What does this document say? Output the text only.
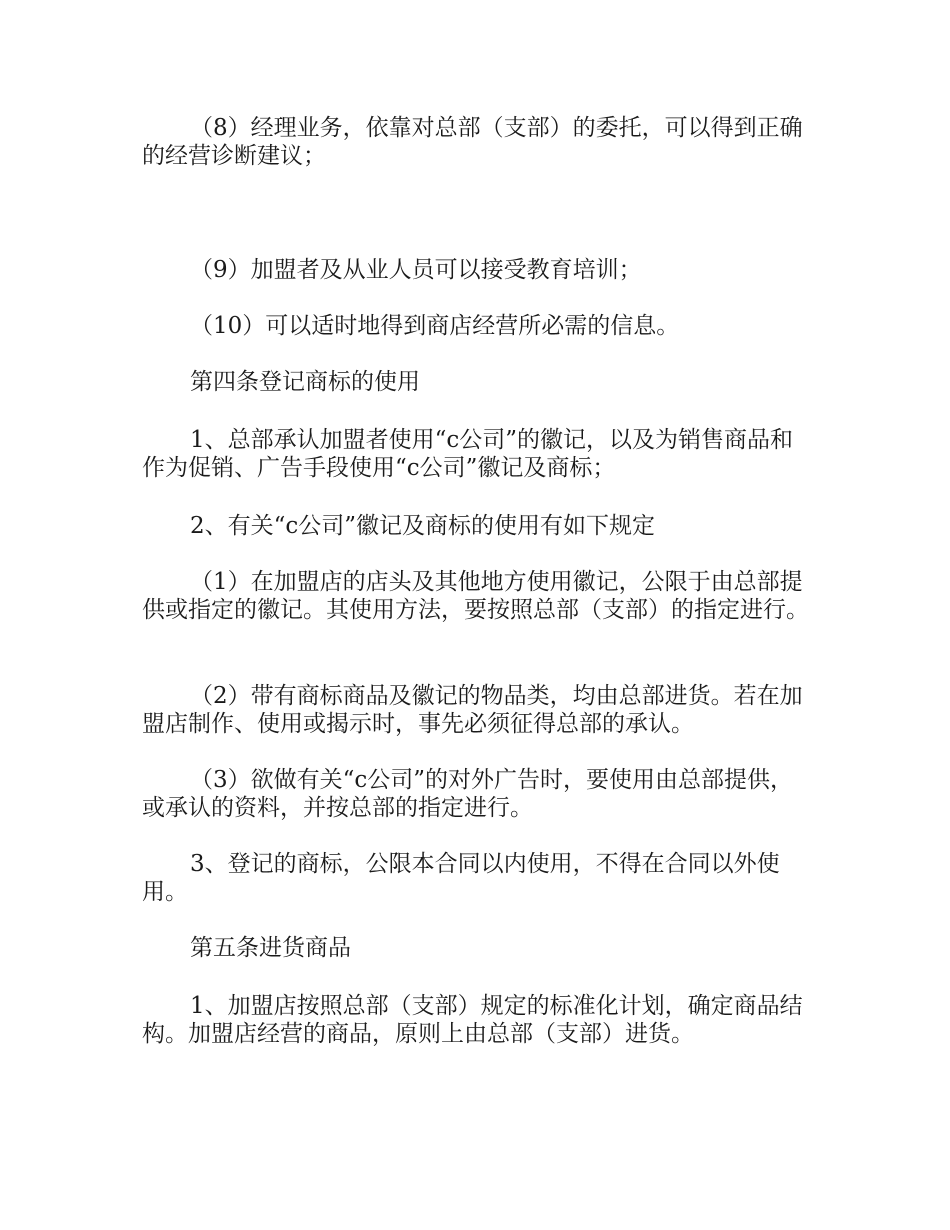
（8）经理业务，依靠对总部（支部）的委托，可以得到正确的经营诊断建议；

（9）加盟者及从业人员可以接受教育培训；

（10）可以适时地得到商店经营所必需的信息。

第四条登记商标的使用

1、总部承认加盟者使用“c公司”的徽记，以及为销售商品和作为促销、广告手段使用“c公司”徽记及商标；

2、有关“c公司”徽记及商标的使用有如下规定

（1）在加盟店的店头及其他地方使用徽记，公限于由总部提供或指定的徽记。其使用方法，要按照总部（支部）的指定进行。

（2）带有商标商品及徽记的物品类，均由总部进货。若在加盟店制作、使用或揭示时，事先必须征得总部的承认。

（3）欲做有关“c公司”的对外广告时，要使用由总部提供，或承认的资料，并按总部的指定进行。

3、登记的商标，公限本合同以内使用，不得在合同以外使用。

第五条进货商品

1、加盟店按照总部（支部）规定的标准化计划，确定商品结构。加盟店经营的商品，原则上由总部（支部）进货。
